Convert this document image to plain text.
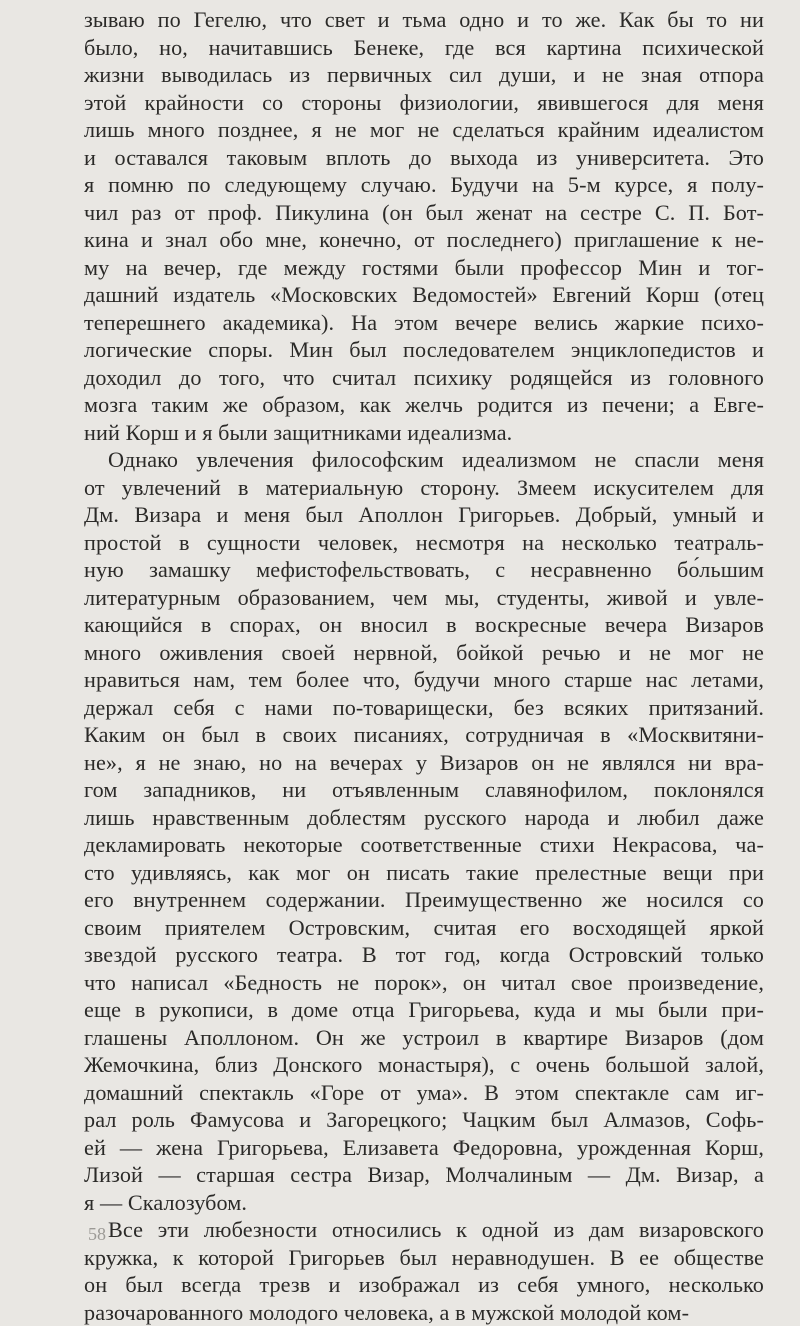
зываю по Гегелю, что свет и тьма одно и то же. Как бы то ни
было, но, начитавшись Бенеке, где вся картина психической
жизни выводилась из первичных сил души, и не зная отпора
этой крайности со стороны физиологии, явившегося для меня
лишь много позднее, я не мог не сделаться крайним идеалистом
и оставался таковым вплоть до выхода из университета. Это
я помню по следующему случаю. Будучи на 5-м курсе, я полу-
чил раз от проф. Пикулина (он был женат на сестре С. П. Бот-
кина и знал обо мне, конечно, от последнего) приглашение к не-
му на вечер, где между гостями были профессор Мин и тог-
дашний издатель «Московских Ведомостей» Евгений Корш (отец
теперешнего академика). На этом вечере велись жаркие психо-
логические споры. Мин был последователем энциклопедистов и
доходил до того, что считал психику родящейся из головного
мозга таким же образом, как желчь родится из печени; а Евге-
ний Корш и я были защитниками идеализма.
Однако увлечения философским идеализмом не спасли меня
от увлечений в материальную сторону. Змеем искусителем для
Дм. Визара и меня был Аполлон Григорьев. Добрый, умный и
простой в сущности человек, несмотря на несколько театраль-
ную замашку мефистофельствовать, с несравненно бо́льшим
литературным образованием, чем мы, студенты, живой и увле-
кающийся в спорах, он вносил в воскресные вечера Визаров
много оживления своей нервной, бойкой речью и не мог не
нравиться нам, тем более что, будучи много старше нас летами,
держал себя с нами по-товарищески, без всяких притязаний.
Каким он был в своих писаниях, сотрудничая в «Москвитяни-
не», я не знаю, но на вечерах у Визаров он не являлся ни вра-
гом западников, ни отъявленным славянофилом, поклонялся
лишь нравственным доблестям русского народа и любил даже
декламировать некоторые соответственные стихи Некрасова, ча-
сто удивляясь, как мог он писать такие прелестные вещи при
его внутреннем содержании. Преимущественно же носился со
своим приятелем Островским, считая его восходящей яркой
звездой русского театра. В тот год, когда Островский только
что написал «Бедность не порок», он читал свое произведение,
еще в рукописи, в доме отца Григорьева, куда и мы были при-
глашены Аполлоном. Он же устроил в квартире Визаров (дом
Жемочкина, близ Донского монастыря), с очень большой залой,
домашний спектакль «Горе от ума». В этом спектакле сам иг-
рал роль Фамусова и Загорецкого; Чацким был Алмазов, Софь-
ей — жена Григорьева, Елизавета Федоровна, урожденная Корш,
Лизой — старшая сестра Визар, Молчалиным — Дм. Визар, а
я — Скалозубом.
Все эти любезности относились к одной из дам визаровского
кружка, к которой Григорьев был неравнодушен. В ее обществе
он был всегда трезв и изображал из себя умного, несколько
разочарованного молодого человека, а в мужской молодой ком-
58
